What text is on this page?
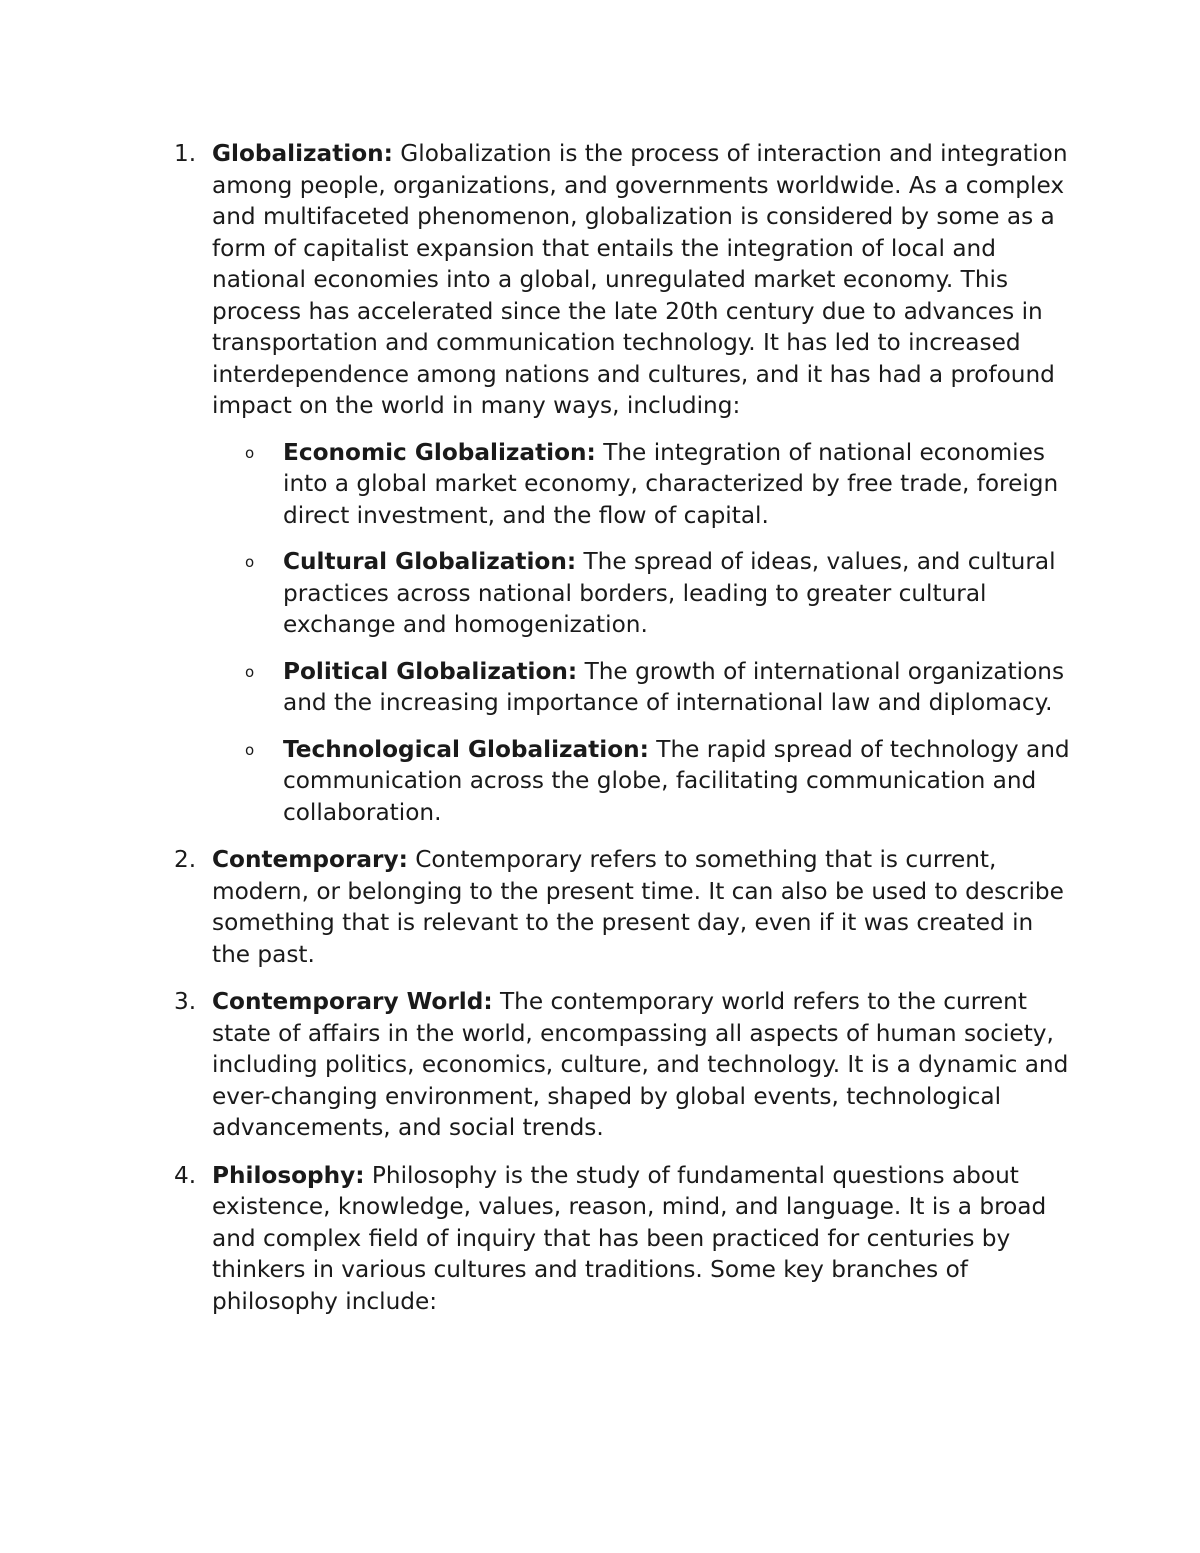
1. Globalization: Globalization is the process of interaction and integration among people, organizations, and governments worldwide. As a complex and multifaceted phenomenon, globalization is considered by some as a form of capitalist expansion that entails the integration of local and national economies into a global, unregulated market economy. This process has accelerated since the late 20th century due to advances in transportation and communication technology. It has led to increased interdependence among nations and cultures, and it has had a profound impact on the world in many ways, including:
o Economic Globalization: The integration of national economies into a global market economy, characterized by free trade, foreign direct investment, and the flow of capital.
o Cultural Globalization: The spread of ideas, values, and cultural practices across national borders, leading to greater cultural exchange and homogenization.
o Political Globalization: The growth of international organizations and the increasing importance of international law and diplomacy.
o Technological Globalization: The rapid spread of technology and communication across the globe, facilitating communication and collaboration.
2. Contemporary: Contemporary refers to something that is current, modern, or belonging to the present time. It can also be used to describe something that is relevant to the present day, even if it was created in the past.
3. Contemporary World: The contemporary world refers to the current state of affairs in the world, encompassing all aspects of human society, including politics, economics, culture, and technology. It is a dynamic and ever-changing environment, shaped by global events, technological advancements, and social trends.
4. Philosophy: Philosophy is the study of fundamental questions about existence, knowledge, values, reason, mind, and language. It is a broad and complex field of inquiry that has been practiced for centuries by thinkers in various cultures and traditions. Some key branches of philosophy include:
